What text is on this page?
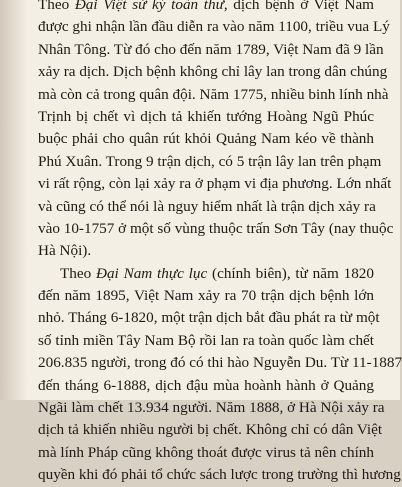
Theo Đại Việt sử ký toàn thư, dịch bệnh ở Việt Nam
được ghi nhận lần đầu diễn ra vào năm 1100, triều vua Lý
Nhân Tông. Từ đó cho đến năm 1789, Việt Nam đã 9 lần
xảy ra dịch. Dịch bệnh không chỉ lây lan trong dân chúng
mà còn cả trong quân đội. Năm 1775, nhiều binh lính nhà
Trịnh bị chết vì dịch tả khiến tướng Hoàng Ngũ Phúc
buộc phải cho quân rút khỏi Quảng Nam kéo về thành
Phú Xuân. Trong 9 trận dịch, có 5 trận lây lan trên phạm
vi rất rộng, còn lại xảy ra ở phạm vi địa phương. Lớn nhất
và cũng có thể nói là nguy hiểm nhất là trận dịch xảy ra
vào 10-1757 ở một số vùng thuộc trấn Sơn Tây (nay thuộc
Hà Nội).
Theo Đại Nam thực lục (chính biên), từ năm 1820
đến năm 1895, Việt Nam xảy ra 70 trận dịch bệnh lớn
nhỏ. Tháng 6-1820, một trận dịch bắt đầu phát ra từ một
số tỉnh miền Tây Nam Bộ rồi lan ra toàn quốc làm chết
206.835 người, trong đó có thi hào Nguyễn Du. Từ 11-1887
đến tháng 6-1888, dịch đậu mùa hoành hành ở Quảng
Ngãi làm chết 13.934 người. Năm 1888, ở Hà Nội xảy ra
dịch tả khiến nhiều người bị chết. Không chỉ có dân Việt
mà lính Pháp cũng không thoát được virus tả nên chính
quyền khi đó phải tổ chức sách lược trong trường thì hương
